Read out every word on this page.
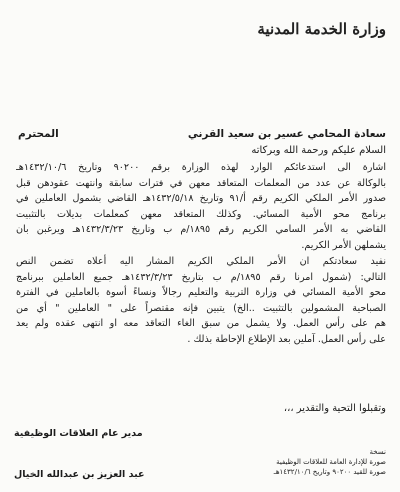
وزارة الخدمة المدنية
سعادة المحامي عسير بن سعيد القرني
المحترم
السلام عليكم ورحمة الله وبركاته
اشارة الى استدعائكم الوارد لهذه الوزارة برقم ٩٠٢٠٠ وتاريخ ١٤٣٢/١٠/٦هـ
بالوكالة عن عدد من المعلمات المتعاقد معهن في فترات سابقة وانتهت عقودهن قبل
صدور الأمر الملكي الكريم رقم أ/٩١ وتاريخ ١٤٣٢/٥/١٨هـ القاضي بشمول العاملين في
برنامج محو الأمية المسائي. وكذلك المتعاقد معهن كمعلمات بديلات بالتثبيت
القاضي به الأمر السامي الكريم رقم ١٨٩٥/م ب وتاريخ ١٤٣٢/٣/٢٣هـ ويرغبن بان
يشملهن الأمر الكريم.
نفيد سعادتكم ان الأمر الملكي الكريم المشار اليه أعلاه تضمن النص
التالي: (شمول امرنا رقم ١٨٩٥/م ب بتاريخ ١٤٣٢/٣/٢٣هـ جميع العاملين ببرنامج
محو الأمية المسائي في وزارة التربية والتعليم رجالاً ونساءً أسوة بالعاملين في الفترة
الصباحية المشمولين بالتثبيت ..الخ) يتبين فإنه مقتصراً على " العاملين " أي من
هم على رأس العمل. ولا يشمل من سبق الغاء التعاقد معه او انتهى عقده ولم يعد
على رأس العمل. آملين بعد الإطلاع الإحاطة بذلك .
وتقبلوا التحية والتقدير ،،،
مدير عام العلاقات الوظيفية
عبد العزيز بن عبدالله الخيال
نسخة
صورة للإدارة العامة للعلاقات الوظيفية
صورة للقيد ٩٠٢٠٠ وتاريخ ١٤٣٢/١٠/٦هـ
